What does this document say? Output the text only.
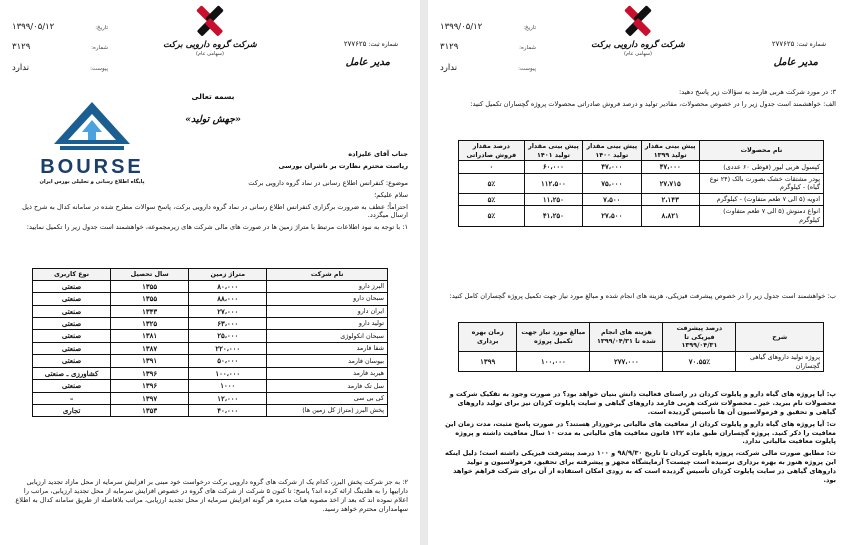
تاریخ:
۱۳۹۹/۰۵/۱۲
شماره:
۳۱۲۹
پیوست:
ندارد
شرکت گروه دارویی برکت
(سهامی عام)
شماره ثبت: ۲۷۷۶۲۵
مدیر عامل
بسمه تعالی
«جهش تولید»
BOURSE
پایگاه اطلاع رسانی و تحلیلی بورس ایران

جناب آقای علیزاده

ریاست محترم نظارت بر ناشران بورسی

موضوع: کنفرانس اطلاع رسانی در نماد گروه دارویی برکت

سلام علیکم؛

احتراماً؛ عطف به ضرورت برگزاری کنفرانس اطلاع رسانی در نماد گروه دارویی برکت، پاسخ سوالات مطرح شده در سامانه کدال به شرح ذیل ارسال میگردد.

۱: با توجه به نبود اطلاعات مرتبط با متراژ زمین ها در صورت های مالی شرکت های زیرمجموعه، خواهشمند است جدول زیر را تکمیل نمایید:

نام شرکت	متراژ زمین	سال تحصیل	نوع کاربری
البرز دارو	۸۰،۰۰۰	۱۳۵۵	صنعتی
سبحان دارو	۸۸،۰۰۰	۱۳۵۵	صنعتی
ایران دارو	۲۷،۰۰۰	۱۳۴۳	صنعتی
تولید دارو	۶۳،۰۰۰	۱۳۲۵	صنعتی
سبحان انکولوژی	۲۵،۰۰۰	۱۳۸۱	صنعتی
شفا فارمد	۲۲۰،۰۰۰	۱۳۸۷	صنعتی
بیوسان فارمد	۵۰،۰۰۰	۱۳۹۱	صنعتی
هیربد فارمد	۱۰۰،۰۰۰	۱۳۹۶	کشاورزی ـ صنعتی
سل تک فارمد	۱۰۰۰	۱۳۹۶	صنعتی
کی بی سی	۱۲،۰۰۰	۱۳۹۷	–
پخش البرز (متراژ کل زمین ها)	۴۰،۰۰۰	۱۳۵۳	تجاری

۲: به جز شرکت پخش البرز، کدام یک از شرکت های گروه دارویی برکت درخواست خود مبنی بر افزایش سرمایه از محل مازاد تجدید ارزیابی داراییها را به هلدینگ ارائه کرده اند؟ پاسخ: تا کنون ۵ شرکت از شرکت های گروه در خصوص افزایش سرمایه از محل تجدید ارزیابی، مراتب را اعلام نموده اند که بعد از اخذ مصوبه هیات مدیره هر گونه افزایش سرمایه از محل تجدید ارزیابی، مراتب بلافاصله از طریق سامانه کدال به اطلاع سهامداران محترم خواهد رسید.

تاریخ:
۱۳۹۹/۰۵/۱۲
شماره:
۳۱۲۹
پیوست:
ندارد
شرکت گروه دارویی برکت
(سهامی عام)
شماره ثبت: ۲۷۷۶۲۵
مدیر عامل

۳: در مورد شرکت هربی فارمد به سؤالات زیر پاسخ دهید:

الف: خواهشمند است جدول زیر را در خصوص محصولات، مقادیر تولید و درصد فروش صادراتی محصولات پروژه گچساران تکمیل کنید:

نام محصولات	پیش بینی مقدار تولید ۱۳۹۹	پیش بینی مقدار تولید ۱۴۰۰	پیش بینی مقدار تولید ۱۴۰۱	درصد مقدار فروش صادراتی
کپسول هربی لیور (قوطی ۶۰ عددی)	۴۷،۰۰۰	۴۷،۰۰۰	۶۰،۰۰۰	۰
پودر مشتقات خشک بصورت بالک (۲۴ نوع گیاه) - کیلوگرم	۲۷،۷۱۵	۷۵،۰۰۰	۱۱۲،۵۰۰	۵٪
ادویه (۵ الی ۷ طعم متفاوت) - کیلوگرم	۲،۱۴۳	۷،۵۰۰	۱۱،۲۵۰	۵٪
انواع دمنوش (۵ الی ۷ طعم متفاوت) کیلوگرم	۸،۸۲۱	۲۷،۵۰۰	۴۱،۲۵۰	۵٪

ب: خواهشمند است جدول زیر را در خصوص پیشرفت فیزیکی، هزینه های انجام شده و مبالغ مورد نیاز جهت تکمیل پروژه گچساران کامل کنید:

شرح	درصد پیشرفت فیزیکی تا ۱۳۹۹/۰۴/۳۱	هزینه های انجام شده تا ۱۳۹۹/۰۴/۳۱	مبالغ مورد نیاز جهت تکمیل پروژه	زمان بهره برداری
پروژه تولید داروهای گیاهی گچساران	۷۰.۵۵٪	۲۷۷،۰۰۰	۱۰۰،۰۰۰	۱۳۹۹

پ: آیا پروژه های گیاه دارو و پایلوت کردان در راستای فعالیت دانش بنیان خواهد بود؟ در صورت وجود به تفکیک شرکت و محصولات نام ببرید. خیر ـ محصولات شرکت هربی فارمد داروهای گیاهی و سایت پایلوت کردان نیز برای تولید داروهای گیاهی و تحقیق و فرمولاسیون آن ها تأسیس گردیده است.

ت: آیا پروژه های گیاه دارو و پایلوت کردان از معافیت های مالیاتی برخوردار هستند؟ در صورت پاسخ مثبت، مدت زمان این معافیت را ذکر کنید. پروژه گچساران طبق ماده ۱۳۲ قانون معافیت های مالیاتی به مدت ۱۰ سال معافیت داشته و پروژه پایلوت معافیت مالیاتی ندارد.

ث: مطابق صورت مالی شرکت، پروژه پایلوت کردان تا تاریخ ۹۸/۹/۳۰ و ۱۰۰ درصد پیشرفت فیزیکی داشته است؛ دلیل اینکه این پروژه هنوز به بهره برداری نرسیده است چیست؟ آزمایشگاه مجهز و پیشرفته برای تحقیق، فرمولاسیون و تولید داروهای گیاهی در سایت پایلوت کردان تأسیس گردیده است که به زودی امکان استفاده از آن برای شرکت فراهم خواهد بود.
